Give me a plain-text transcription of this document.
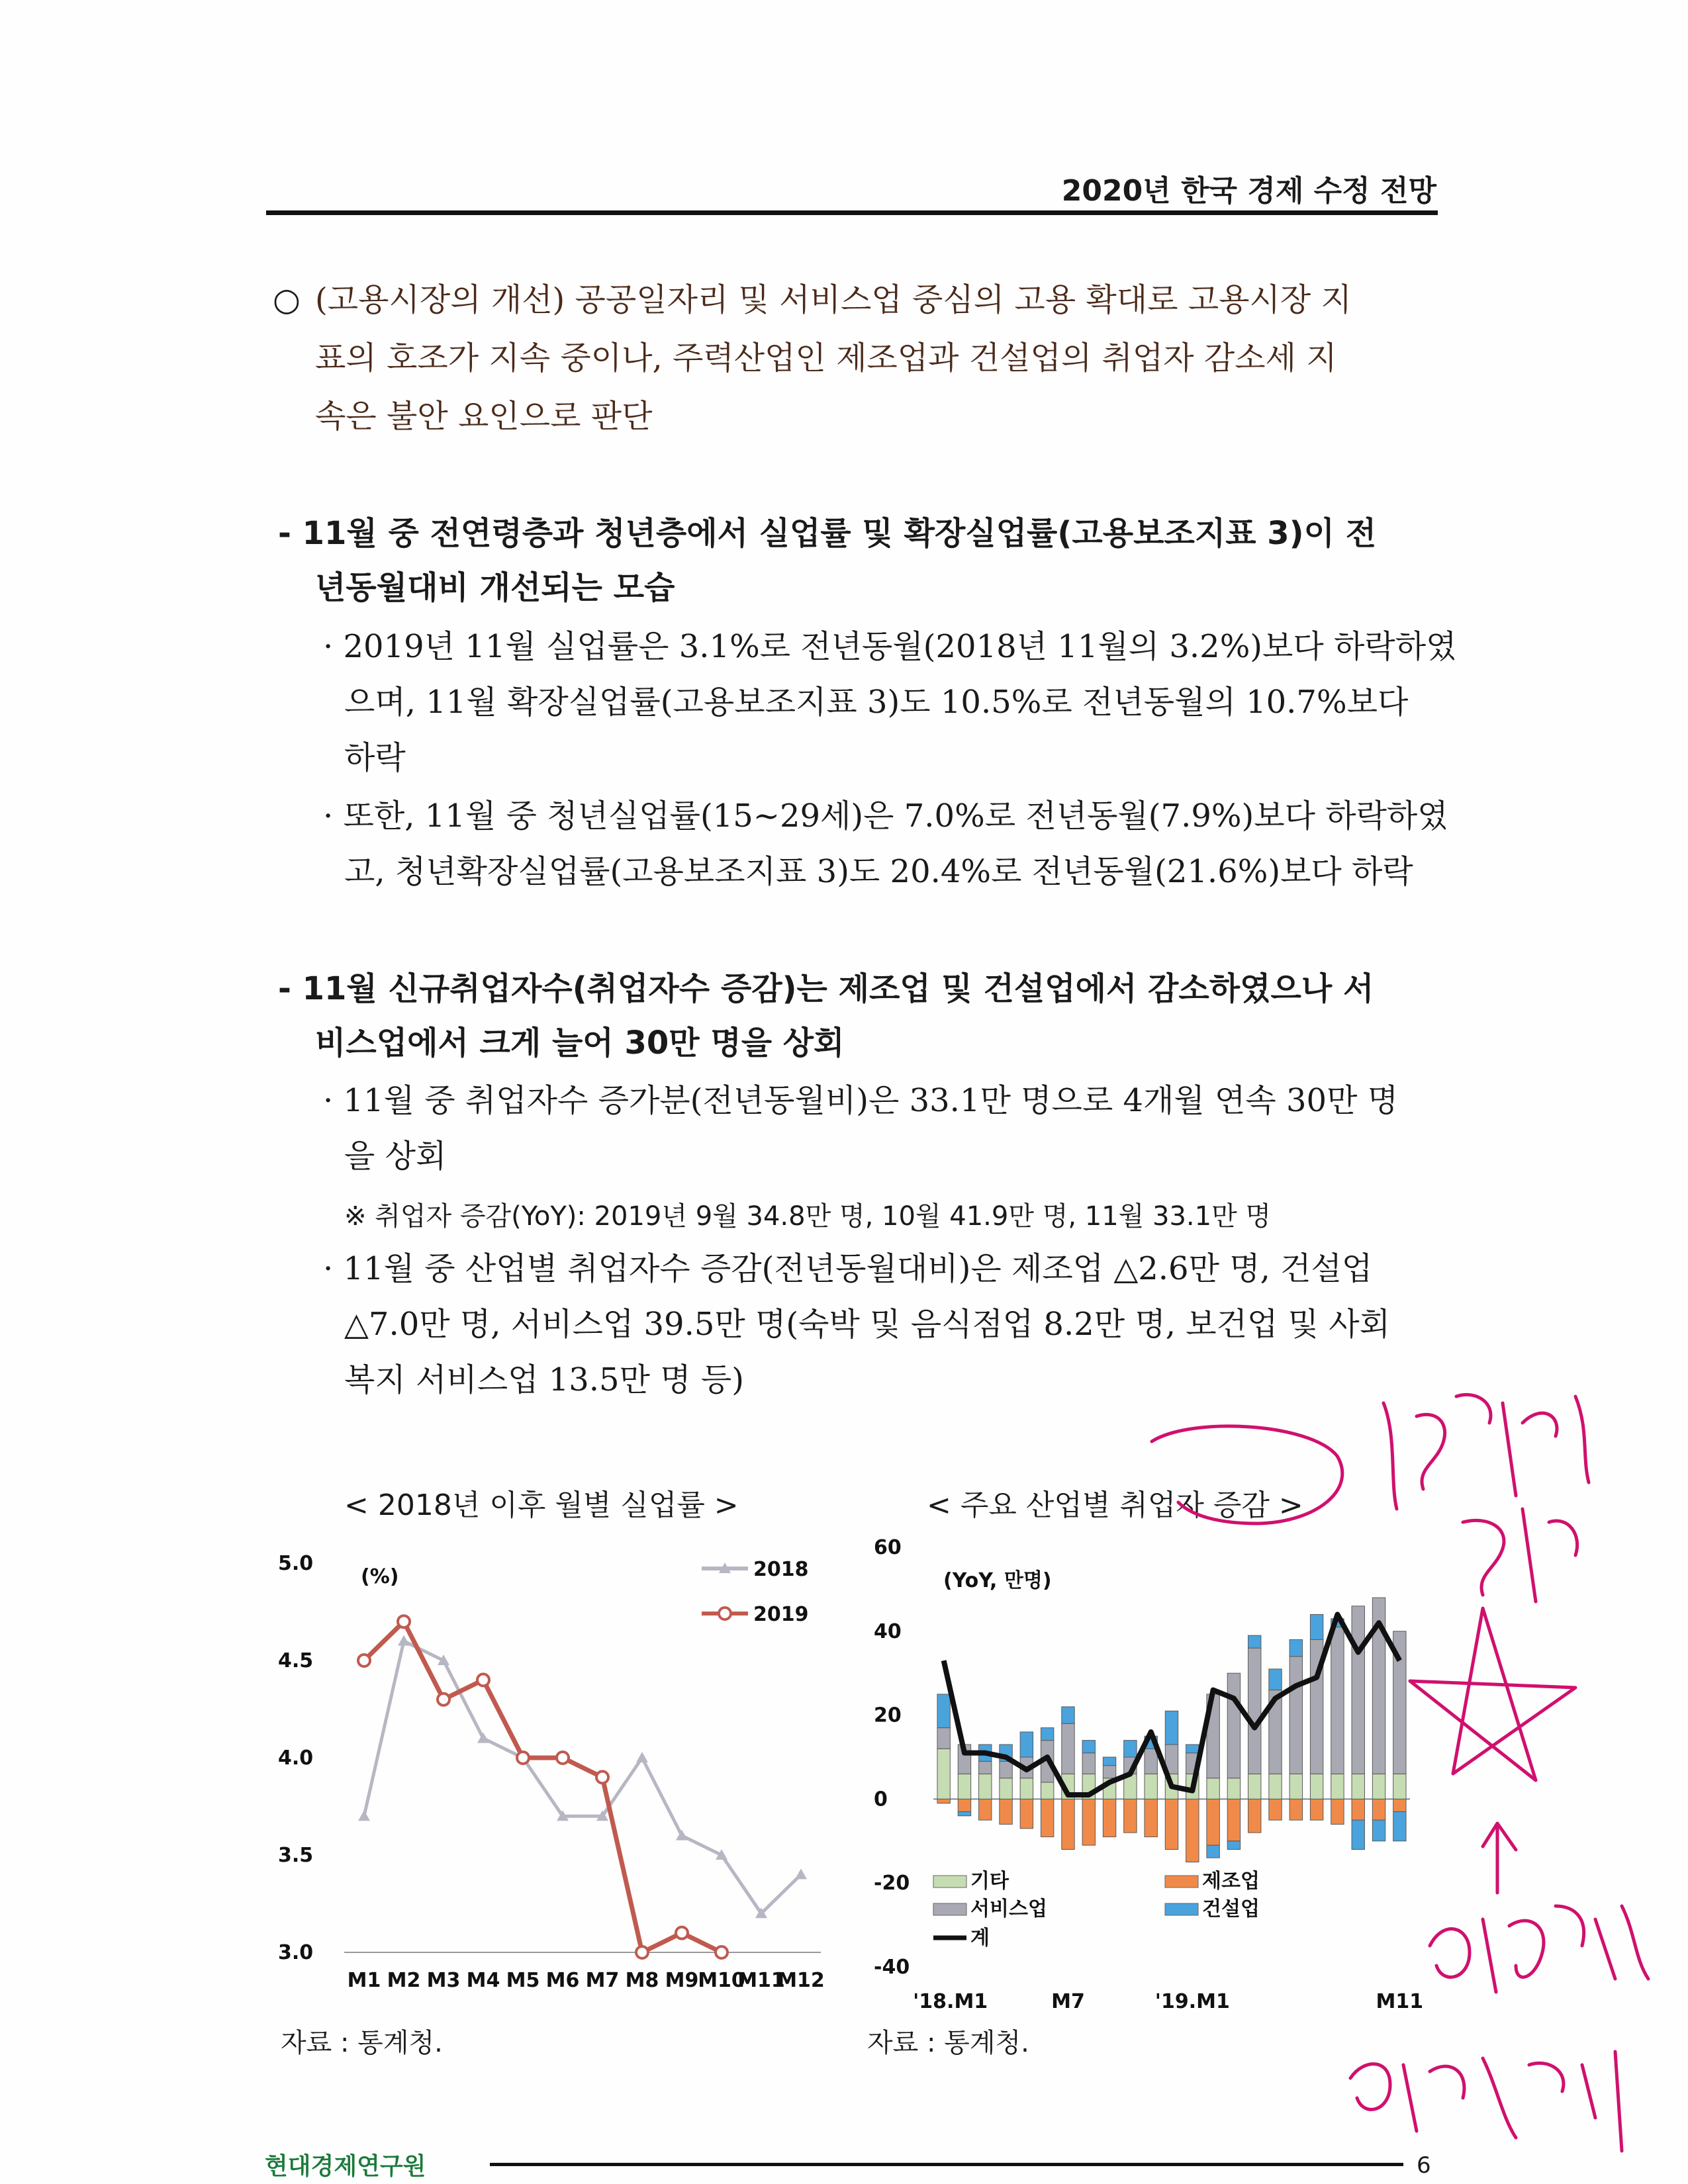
2020년 한국 경제 수정 전망
○ (고용시장의 개선) 공공일자리 및 서비스업 중심의 고용 확대로 고용시장 지
표의 호조가 지속 중이나, 주력산업인 제조업과 건설업의 취업자 감소세 지
속은 불안 요인으로 판단
- 11월 중 전연령층과 청년층에서 실업률 및 확장실업률(고용보조지표 3)이 전
년동월대비 개선되는 모습
· 2019년 11월 실업률은 3.1%로 전년동월(2018년 11월의 3.2%)보다 하락하였
으며, 11월 확장실업률(고용보조지표 3)도 10.5%로 전년동월의 10.7%보다
하락
· 또한, 11월 중 청년실업률(15~29세)은 7.0%로 전년동월(7.9%)보다 하락하였
고, 청년확장실업률(고용보조지표 3)도 20.4%로 전년동월(21.6%)보다 하락
- 11월 신규취업자수(취업자수 증감)는 제조업 및 건설업에서 감소하였으나 서
비스업에서 크게 늘어 30만 명을 상회
· 11월 중 취업자수 증가분(전년동월비)은 33.1만 명으로 4개월 연속 30만 명
을 상회
※ 취업자 증감(YoY): 2019년 9월 34.8만 명, 10월 41.9만 명, 11월 33.1만 명
· 11월 중 산업별 취업자수 증감(전년동월대비)은 제조업 △2.6만 명, 건설업
△7.0만 명, 서비스업 39.5만 명(숙박 및 음식점업 8.2만 명, 보건업 및 사회
복지 서비스업 13.5만 명 등)
< 2018년 이후 월별 실업률 >	< 주요 산업별 취업자 증감 >
5.0
4.5
4.0
3.5
3.0
(%)
M1 M2 M3 M4 M5 M6 M7 M8 M9
M10
M11
M12
2018
2019
60
40
20
0
-20
-40
(YoY, 만명)
'18.M1	M7	'19.M1	M11
기타	제조업
서비스업	건설업
계
자료 : 통계청.	자료 : 통계청.
현대경제연구원	6
